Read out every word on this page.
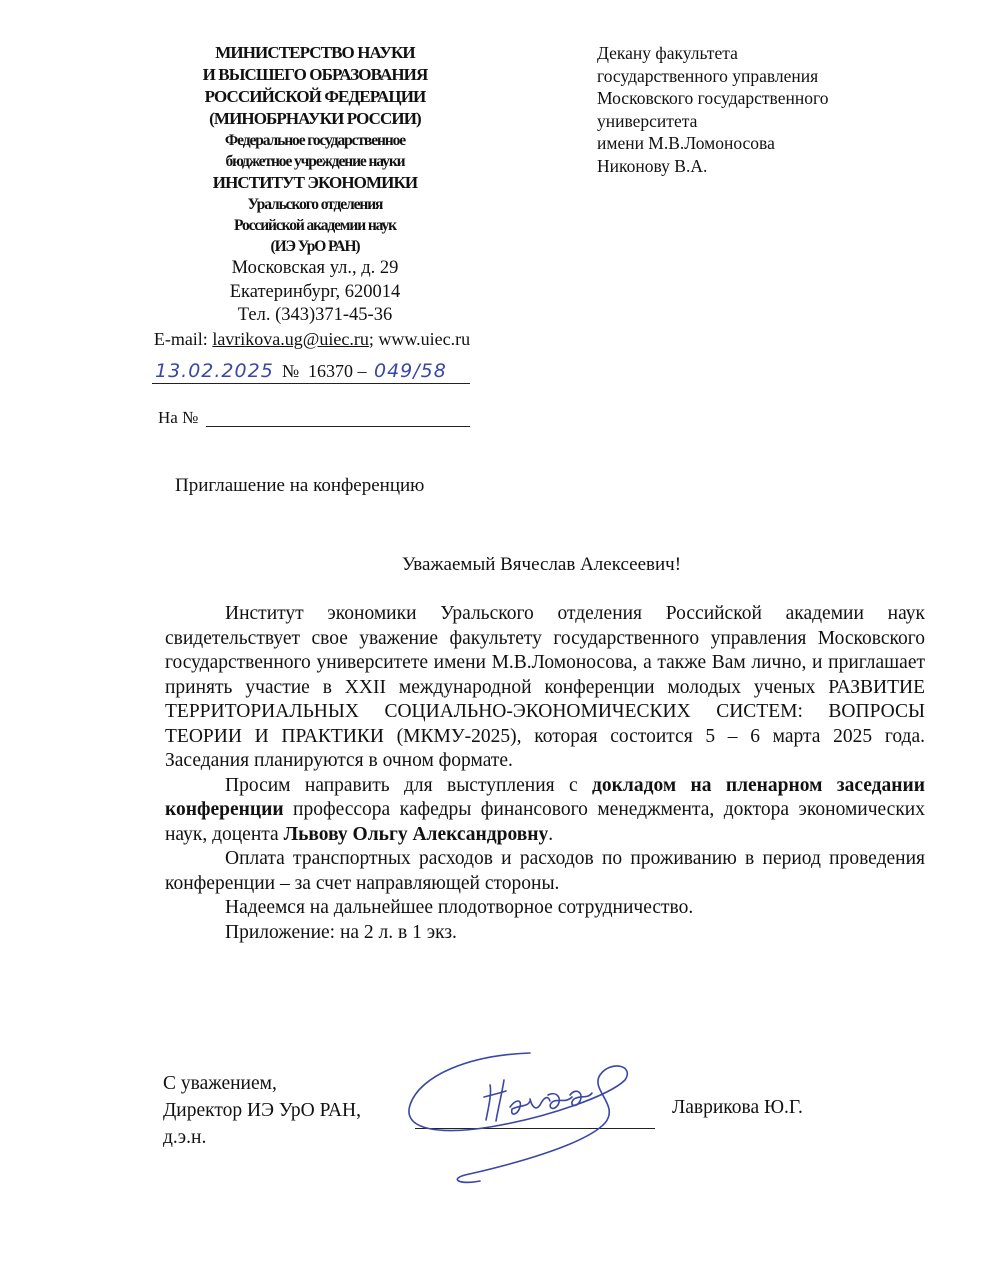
МИНИСТЕРСТВО НАУКИ
И ВЫСШЕГО ОБРАЗОВАНИЯ
РОССИЙСКОЙ ФЕДЕРАЦИИ
(МИНОБРНАУКИ РОССИИ)
Федеральное государственное
бюджетное учреждение науки
ИНСТИТУТ ЭКОНОМИКИ
Уральского отделения
Российской академии наук
(ИЭ УрО РАН)
Московская ул., д. 29
Екатеринбург, 620014
Тел. (343)371-45-36
E-mail: lavrikova.ug@uiec.ru; www.uiec.ru
Декану факультета
государственного управления
Московского государственного
университета
имени М.В.Ломоносова
Никонову В.А.
13.02.2025 № 16370 – 049/58
На №
Приглашение на конференцию
Уважаемый Вячеслав Алексеевич!

Институт экономики Уральского отделения Российской академии наук свидетельствует свое уважение факультету государственного управления Московского государственного университете имени М.В.Ломоносова, а также Вам лично, и приглашает принять участие в XXII международной конференции молодых ученых РАЗВИТИЕ ТЕРРИТОРИАЛЬНЫХ СОЦИАЛЬНО-ЭКОНОМИЧЕСКИХ СИСТЕМ: ВОПРОСЫ ТЕОРИИ И ПРАКТИКИ (МКМУ-2025), которая состоится 5 – 6 марта 2025 года. Заседания планируются в очном формате.

Просим направить для выступления с докладом на пленарном заседании конференции профессора кафедры финансового менеджмента, доктора экономических наук, доцента Львову Ольгу Александровну.

Оплата транспортных расходов и расходов по проживанию в период проведения конференции – за счет направляющей стороны.

Надеемся на дальнейшее плодотворное сотрудничество.

Приложение: на 2 л. в 1 экз.

С уважением,
Директор ИЭ УрО РАН,
д.э.н.
Лаврикова Ю.Г.
